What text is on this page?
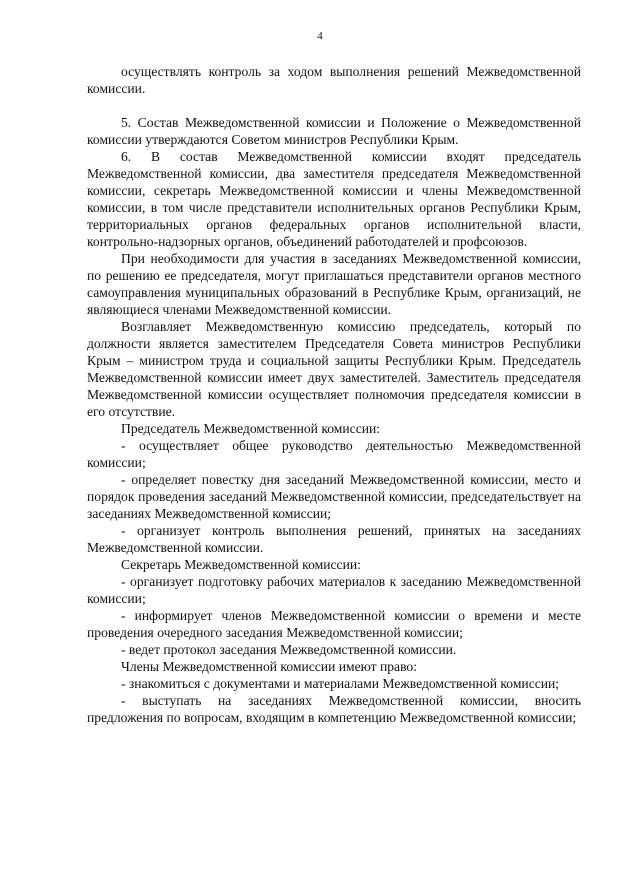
4

осуществлять контроль за ходом выполнения решений Межведомственной комиссии.

5. Состав Межведомственной комиссии и Положение о Межведомственной комиссии утверждаются Советом министров Республики Крым.

6. В состав Межведомственной комиссии входят председатель Межведомственной комиссии, два заместителя председателя Межведомственной комиссии, секретарь Межведомственной комиссии и члены Межведомственной комиссии, в том числе представители исполнительных органов Республики Крым, территориальных органов федеральных органов исполнительной власти, контрольно-надзорных органов, объединений работодателей и профсоюзов.

При необходимости для участия в заседаниях Межведомственной комиссии, по решению ее председателя, могут приглашаться представители органов местного самоуправления муниципальных образований в Республике Крым, организаций, не являющиеся членами Межведомственной комиссии.

Возглавляет Межведомственную комиссию председатель, который по должности является заместителем Председателя Совета министров Республики Крым – министром труда и социальной защиты Республики Крым. Председатель Межведомственной комиссии имеет двух заместителей. Заместитель председателя Межведомственной комиссии осуществляет полномочия председателя комиссии в его отсутствие.

Председатель Межведомственной комиссии:

- осуществляет общее руководство деятельностью Межведомственной комиссии;

- определяет повестку дня заседаний Межведомственной комиссии, место и порядок проведения заседаний Межведомственной комиссии, председательствует на заседаниях Межведомственной комиссии;

- организует контроль выполнения решений, принятых на заседаниях Межведомственной комиссии.

Секретарь Межведомственной комиссии:

- организует подготовку рабочих материалов к заседанию Межведомственной комиссии;

- информирует членов Межведомственной комиссии о времени и месте проведения очередного заседания Межведомственной комиссии;

- ведет протокол заседания Межведомственной комиссии.

Члены Межведомственной комиссии имеют право:

- знакомиться с документами и материалами Межведомственной комиссии;

- выступать на заседаниях Межведомственной комиссии, вносить предложения по вопросам, входящим в компетенцию Межведомственной комиссии;
